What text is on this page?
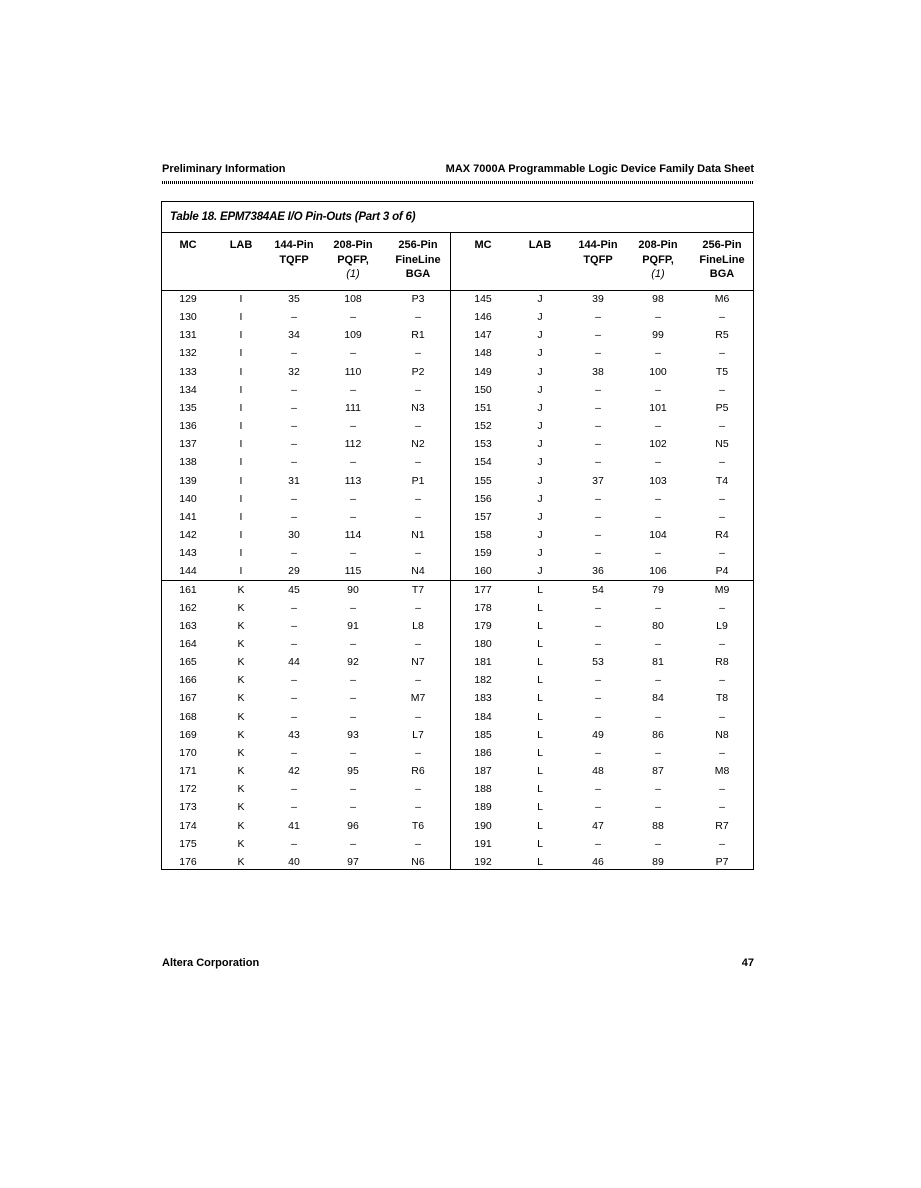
Preliminary Information	MAX 7000A Programmable Logic Device Family Data Sheet
Table 18. EPM7384AE I/O Pin-Outs (Part 3 of 6)
MC	LAB	144-Pin
TQFP
208-Pin
PQFP,
(1)
256-Pin
FineLine
BGA
MC	LAB	144-Pin
TQFP
208-Pin
PQFP,
(1)
256-Pin
FineLine
BGA
129	I	35	108	P3	145	J	39	98	M6
130	I	–	–	–	146	J	–	–	–
131	I	34	109	R1	147	J	–	99	R5
132	I	–	–	–	148	J	–	–	–
133	I	32	110	P2	149	J	38	100	T5
134	I	–	–	–	150	J	–	–	–
135	I	–	111	N3	151	J	–	101	P5
136	I	–	–	–	152	J	–	–	–
137	I	–	112	N2	153	J	–	102	N5
138	I	–	–	–	154	J	–	–	–
139	I	31	113	P1	155	J	37	103	T4
140	I	–	–	–	156	J	–	–	–
141	I	–	–	–	157	J	–	–	–
142	I	30	114	N1	158	J	–	104	R4
143	I	–	–	–	159	J	–	–	–
144	I	29	115	N4	160	J	36	106	P4
161	K	45	90	T7	177	L	54	79	M9
162	K	–	–	–	178	L	–	–	–
163	K	–	91	L8	179	L	–	80	L9
164	K	–	–	–	180	L	–	–	–
165	K	44	92	N7	181	L	53	81	R8
166	K	–	–	–	182	L	–	–	–
167	K	–	–	M7	183	L	–	84	T8
168	K	–	–	–	184	L	–	–	–
169	K	43	93	L7	185	L	49	86	N8
170	K	–	–	–	186	L	–	–	–
171	K	42	95	R6	187	L	48	87	M8
172	K	–	–	–	188	L	–	–	–
173	K	–	–	–	189	L	–	–	–
174	K	41	96	T6	190	L	47	88	R7
175	K	–	–	–	191	L	–	–	–
176	K	40	97	N6	192	L	46	89	P7
Altera Corporation	47
